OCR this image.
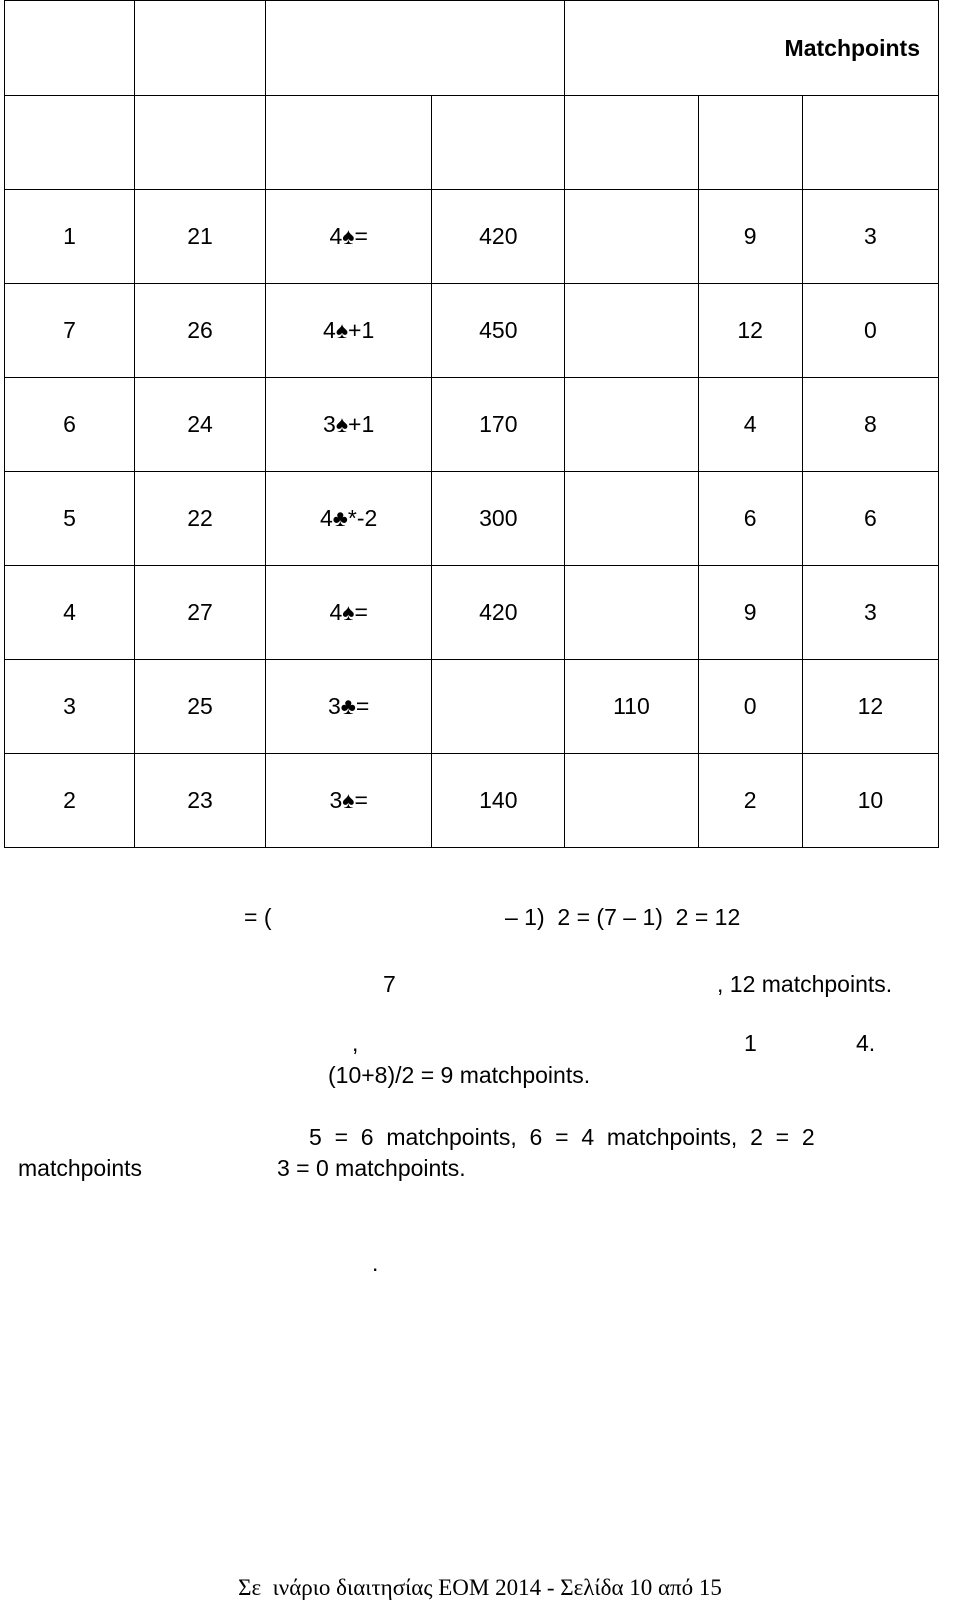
				Matchpoints		

1	21	4♠=	420		9	3
7	26	4♠+1	450		12	0
6	24	3♠+1	170		4	8
5	22	4♣*-2	300		6	6
4	27	4♠=	420		9	3
3	25	3♣=		110	0	12
2	23	3♠=	140		2	10
= (	– 1)  2 = (7 – 1)  2 = 12
7	, 12 matchpoints.
,	1	4.
(10+8)/2 = 9 matchpoints.
5  =  6  matchpoints,  6  =  4  matchpoints,  2  =  2
matchpoints	3 = 0 matchpoints.
.
Σε  ινάριο διαιτησίας ΕΟΜ 2014 - Σελίδα 10 από 15
